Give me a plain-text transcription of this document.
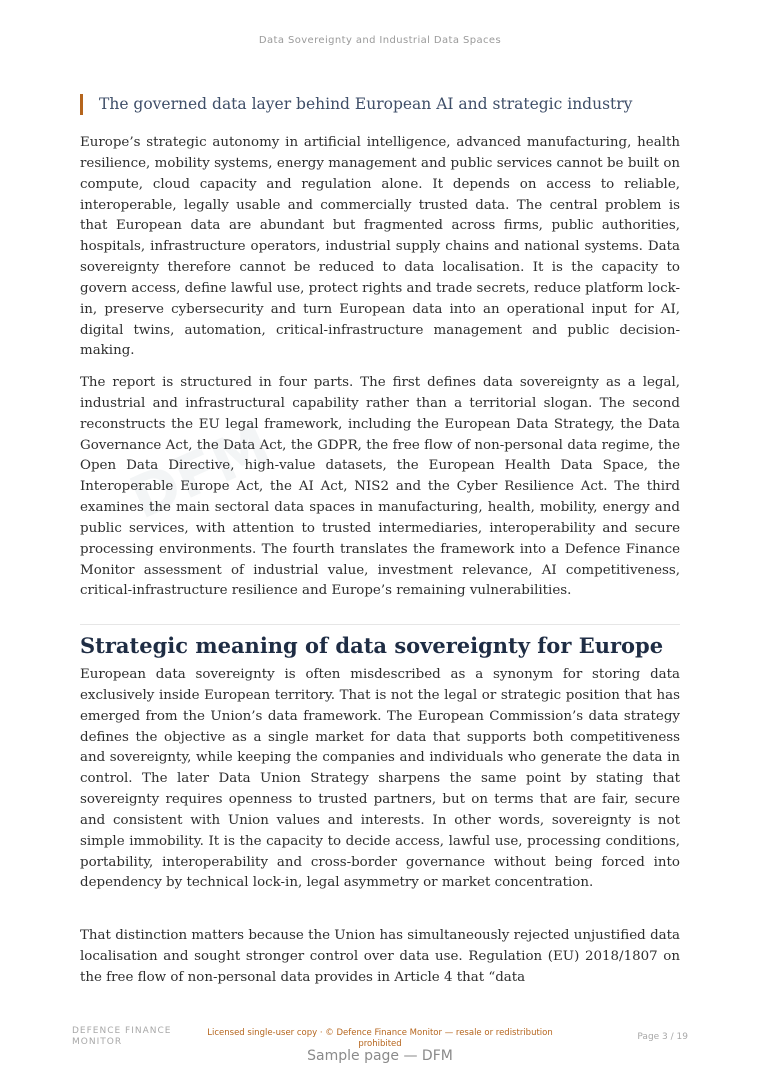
Data Sovereignty and Industrial Data Spaces
DFM
The governed data layer behind European AI and strategic industry

Europe’s strategic autonomy in artificial intelligence, advanced manufacturing, health resilience, mobility systems, energy management and public services cannot be built on compute, cloud capacity and regulation alone. It depends on access to reliable, interoperable, legally usable and commercially trusted data. The central problem is that European data are abundant but fragmented across firms, public authorities, hospitals, infrastructure operators, industrial supply chains and national systems. Data sovereignty therefore cannot be reduced to data localisation. It is the capacity to govern access, define lawful use, protect rights and trade secrets, reduce platform lock-in, preserve cybersecurity and turn European data into an operational input for AI, digital twins, automation, critical-infrastructure management and public decision-making.

The report is structured in four parts. The first defines data sovereignty as a legal, industrial and infrastructural capability rather than a territorial slogan. The second reconstructs the EU legal framework, including the European Data Strategy, the Data Governance Act, the Data Act, the GDPR, the free flow of non-personal data regime, the Open Data Directive, high-value datasets, the European Health Data Space, the Interoperable Europe Act, the AI Act, NIS2 and the Cyber Resilience Act. The third examines the main sectoral data spaces in manufacturing, health, mobility, energy and public services, with attention to trusted intermediaries, interoperability and secure processing environments. The fourth translates the framework into a Defence Finance Monitor assessment of industrial value, investment relevance, AI competitiveness, critical-infrastructure resilience and Europe’s remaining vulnerabilities.

Strategic meaning of data sovereignty for Europe

European data sovereignty is often misdescribed as a synonym for storing data exclusively inside European territory. That is not the legal or strategic position that has emerged from the Union’s data framework. The European Commission’s data strategy defines the objective as a single market for data that supports both competitiveness and sovereignty, while keeping the companies and individuals who generate the data in control. The later Data Union Strategy sharpens the same point by stating that sovereignty requires openness to trusted partners, but on terms that are fair, secure and consistent with Union values and interests. In other words, sovereignty is not simple immobility. It is the capacity to decide access, lawful use, processing conditions, portability, interoperability and cross-border governance without being forced into dependency by technical lock-in, legal asymmetry or market concentration.

That distinction matters because the Union has simultaneously rejected unjustified data localisation and sought stronger control over data use. Regulation (EU) 2018/1807 on the free flow of non-personal data provides in Article 4 that “data

DEFENCE FINANCE
MONITOR
Licensed single-user copy · © Defence Finance Monitor — resale or redistribution prohibited
Page 3 / 19
Sample page — DFM
